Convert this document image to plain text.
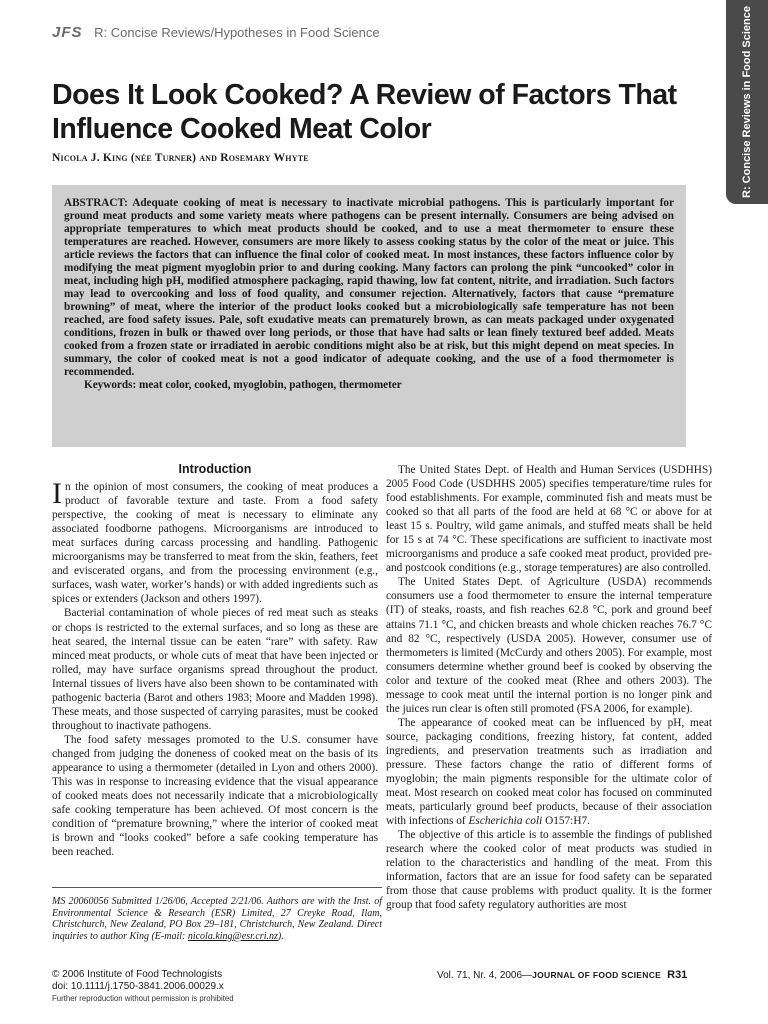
JFS R: Concise Reviews/Hypotheses in Food Science	R: Concise Reviews in Food Science
Does It Look Cooked? A Review of Factors That Influence Cooked Meat Color
Nicola J. King (née Turner) and Rosemary Whyte

ABSTRACT: Adequate cooking of meat is necessary to inactivate microbial pathogens. This is particularly important for ground meat products and some variety meats where pathogens can be present internally. Consumers are being advised on appropriate temperatures to which meat products should be cooked, and to use a meat thermometer to ensure these temperatures are reached. However, consumers are more likely to assess cooking status by the color of the meat or juice. This article reviews the factors that can influence the final color of cooked meat. In most instances, these factors influence color by modifying the meat pigment myoglobin prior to and during cooking. Many factors can prolong the pink “uncooked” color in meat, including high pH, modified atmosphere packaging, rapid thawing, low fat content, nitrite, and irradiation. Such factors may lead to overcooking and loss of food quality, and consumer rejection. Alternatively, factors that cause “premature browning” of meat, where the interior of the product looks cooked but a microbiologically safe temperature has not been reached, are food safety issues. Pale, soft exudative meats can prematurely brown, as can meats packaged under oxygenated conditions, frozen in bulk or thawed over long periods, or those that have had salts or lean finely textured beef added. Meats cooked from a frozen state or irradiated in aerobic conditions might also be at risk, but this might depend on meat species. In summary, the color of cooked meat is not a good indicator of adequate cooking, and the use of a food thermometer is recommended.

Keywords: meat color, cooked, myoglobin, pathogen, thermometer

Introduction

In the opinion of most consumers, the cooking of meat produces a product of favorable texture and taste. From a food safety perspective, the cooking of meat is necessary to eliminate any associated foodborne pathogens. Microorganisms are introduced to meat surfaces during carcass processing and handling. Pathogenic microorganisms may be transferred to meat from the skin, feathers, feet and eviscerated organs, and from the processing environment (e.g., surfaces, wash water, worker’s hands) or with added ingredients such as spices or extenders (Jackson and others 1997).

Bacterial contamination of whole pieces of red meat such as steaks or chops is restricted to the external surfaces, and so long as these are heat seared, the internal tissue can be eaten “rare” with safety. Raw minced meat products, or whole cuts of meat that have been injected or rolled, may have surface organisms spread throughout the product. Internal tissues of livers have also been shown to be contaminated with pathogenic bacteria (Barot and others 1983; Moore and Madden 1998). These meats, and those suspected of carrying parasites, must be cooked throughout to inactivate pathogens.

The food safety messages promoted to the U.S. consumer have changed from judging the doneness of cooked meat on the basis of its appearance to using a thermometer (detailed in Lyon and others 2000). This was in response to increasing evidence that the visual appearance of cooked meats does not necessarily indicate that a microbiologically safe cooking temperature has been achieved. Of most concern is the condition of “premature browning,” where the interior of cooked meat is brown and “looks cooked” before a safe cooking temperature has been reached.

The United States Dept. of Health and Human Services (USDHHS) 2005 Food Code (USDHHS 2005) specifies temperature/time rules for food establishments. For example, comminuted fish and meats must be cooked so that all parts of the food are held at 68 °C or above for at least 15 s. Poultry, wild game animals, and stuffed meats shall be held for 15 s at 74 °C. These specifications are sufficient to inactivate most microorganisms and produce a safe cooked meat product, provided pre- and postcook conditions (e.g., storage temperatures) are also controlled.

The United States Dept. of Agriculture (USDA) recommends consumers use a food thermometer to ensure the internal temperature (IT) of steaks, roasts, and fish reaches 62.8 °C, pork and ground beef attains 71.1 °C, and chicken breasts and whole chicken reaches 76.7 °C and 82 °C, respectively (USDA 2005). However, consumer use of thermometers is limited (McCurdy and others 2005). For example, most consumers determine whether ground beef is cooked by observing the color and texture of the cooked meat (Rhee and others 2003). The message to cook meat until the internal portion is no longer pink and the juices run clear is often still promoted (FSA 2006, for example).

The appearance of cooked meat can be influenced by pH, meat source, packaging conditions, freezing history, fat content, added ingredients, and preservation treatments such as irradiation and pressure. These factors change the ratio of different forms of myoglobin; the main pigments responsible for the ultimate color of meat. Most research on cooked meat color has focused on comminuted meats, particularly ground beef products, because of their association with infections of Escherichia coli O157:H7.

The objective of this article is to assemble the findings of published research where the cooked color of meat products was studied in relation to the characteristics and handling of the meat. From this information, factors that are an issue for food safety can be separated from those that cause problems with product quality. It is the former group that food safety regulatory authorities are most

MS 20060056 Submitted 1/26/06, Accepted 2/21/06. Authors are with the Inst. of Environmental Science & Research (ESR) Limited, 27 Creyke Road, Ilam, Christchurch, New Zealand, PO Box 29–181, Christchurch, New Zealand. Direct inquiries to author King (E-mail: nicola.king@esr.cri.nz).
© 2006 Institute of Food Technologists
doi: 10.1111/j.1750-3841.2006.00029.x
Further reproduction without permission is prohibited
Vol. 71, Nr. 4, 2006—JOURNAL OF FOOD SCIENCE R31
